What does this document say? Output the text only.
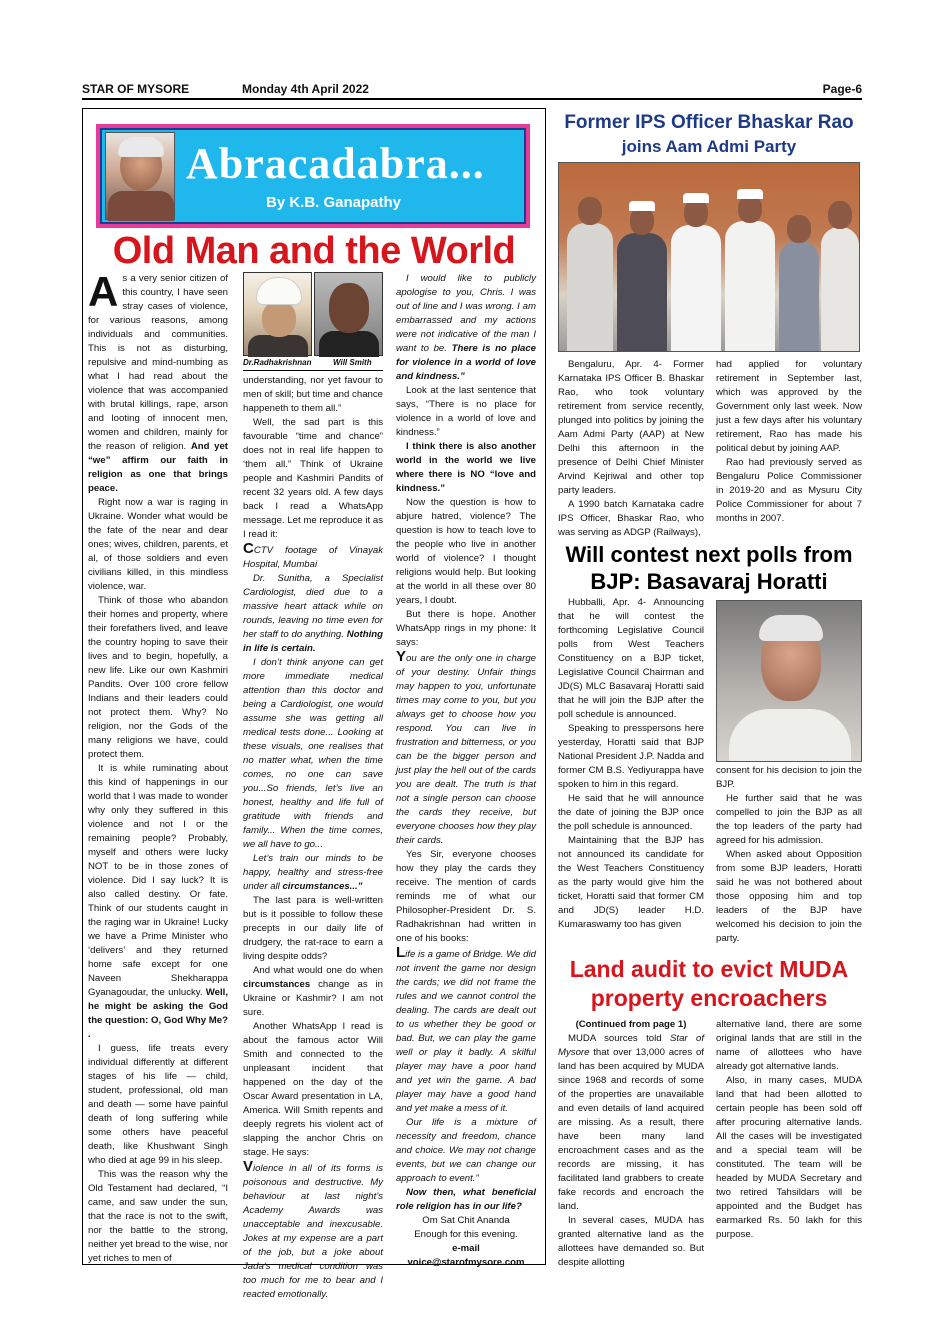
STAR OF MYSORE	Monday 4th April 2022	Page-6
Abracadabra...
By K.B. Ganapathy
Old Man and the World

As a very senior citizen of this country, I have seen stray cases of violence, for various reasons, among individuals and communities. This is not as disturbing, repulsive and mind-numbing as what I had read about the violence that was accompanied with brutal killings, rape, arson and looting of innocent men, women and children, mainly for the reason of religion. And yet “we” affirm our faith in religion as one that brings peace.

Right now a war is raging in Ukraine. Wonder what would be the fate of the near and dear ones; wives, children, parents, et al, of those soldiers and even civilians killed, in this mindless violence, war.

Think of those who abandon their homes and property, where their forefathers lived, and leave the country hoping to save their lives and to begin, hopefully, a new life. Like our own Kashmiri Pandits. Over 100 crore fellow Indians and their leaders could not protect them. Why? No religion, nor the Gods of the many religions we have, could protect them.

It is while ruminating about this kind of happenings in our world that I was made to wonder why only they suffered in this violence and not I or the remaining people? Probably, myself and others were lucky NOT to be in those zones of violence. Did I say luck? It is also called destiny. Or fate. Think of our students caught in the raging war in Ukraine! Lucky we have a Prime Minister who ‘delivers’ and they returned home safe except for one Naveen Shekharappa Gyanagoudar, the unlucky. Well, he might be asking the God the question: O, God Why Me? .

I guess, life treats every individual differently at different stages of his life — child, student, professional, old man and death — some have painful death of long suffering while some others have peaceful death, like Khushwant Singh who died at age 99 in his sleep.

This was the reason why the Old Testament had declared, “I came, and saw under the sun, that the race is not to the swift, nor the battle to the strong, neither yet bread to the wise, nor yet riches to men of

Dr.Radhakrishnan	Will Smith

understanding, nor yet favour to men of skill; but time and chance happeneth to them all.”

Well, the sad part is this favourable “time and chance” does not in real life happen to ‘them all.” Think of Ukraine people and Kashmiri Pandits of recent 32 years old. A few days back I read a WhatsApp message. Let me reproduce it as I read it:

CCTV footage of Vinayak Hospital, Mumbai

Dr. Sunitha, a Specialist Cardiologist, died due to a massive heart attack while on rounds, leaving no time even for her staff to do anything. Nothing in life is certain.

I don’t think anyone can get more immediate medical attention than this doctor and being a Cardiologist, one would assume she was getting all medical tests done... Looking at these visuals, one realises that no matter what, when the time comes, no one can save you...So friends, let’s live an honest, healthy and life full of gratitude with friends and family... When the time comes, we all have to go...

Let’s train our minds to be happy, healthy and stress-free under all circumstances...”

The last para is well-written but is it possible to follow these precepts in our daily life of drudgery, the rat-race to earn a living despite odds?

And what would one do when circumstances change as in Ukraine or Kashmir? I am not sure.

Another WhatsApp I read is about the famous actor Will Smith and connected to the unpleasant incident that happened on the day of the Oscar Award presentation in LA, America. Will Smith repents and deeply regrets his violent act of slapping the anchor Chris on stage. He says:

Violence in all of its forms is poisonous and destructive. My behaviour at last night’s Academy Awards was unacceptable and inexcusable. Jokes at my expense are a part of the job, but a joke about Jada’s medical condition was too much for me to bear and I reacted emotionally.

I would like to publicly apologise to you, Chris. I was out of line and I was wrong. I am embarrassed and my actions were not indicative of the man I want to be. There is no place for violence in a world of love and kindness.”

Look at the last sentence that says, “There is no place for violence in a world of love and kindness.”

I think there is also another world in the world we live where there is NO “love and kindness.”

Now the question is how to abjure hatred, violence? The question is how to teach love to the people who live in another world of violence? I thought religions would help. But looking at the world in all these over 80 years, I doubt.

But there is hope. Another WhatsApp rings in my phone: It says:

You are the only one in charge of your destiny. Unfair things may happen to you, unfortunate times may come to you, but you always get to choose how you respond. You can live in frustration and bitterness, or you can be the bigger person and just play the hell out of the cards you are dealt. The truth is that not a single person can choose the cards they receive, but everyone chooses how they play their cards.

Yes Sir, everyone chooses how they play the cards they receive. The mention of cards reminds me of what our Philosopher-President Dr. S. Radhakrishnan had written in one of his books:

Life is a game of Bridge. We did not invent the game nor design the cards; we did not frame the rules and we cannot control the dealing. The cards are dealt out to us whether they be good or bad. But, we can play the game well or play it badly. A skilful player may have a poor hand and yet win the game. A bad player may have a good hand and yet make a mess of it.

Our life is a mixture of necessity and freedom, chance and choice. We may not change events, but we can change our approach to event.”

Now then, what beneficial role religion has in our life?

Om Sat Chit Ananda

Enough for this evening.

e-mail

voice@starofmysore.com

Former IPS Officer Bhaskar Rao
joins Aam Admi Party

Bengaluru, Apr. 4- Former Karnataka IPS Officer B. Bhaskar Rao, who took voluntary retirement from service recently, plunged into politics by joining the Aam Admi Party (AAP) at New Delhi this afternoon in the presence of Delhi Chief Minister Arvind Kejriwal and other top party leaders.

A 1990 batch Karnataka cadre IPS Officer, Bhaskar Rao, who was serving as ADGP (Railways),

had applied for voluntary retirement in September last, which was approved by the Government only last week. Now just a few days after his voluntary retirement, Rao has made his political debut by joining AAP.

Rao had previously served as Bengaluru Police Commissioner in 2019-20 and as Mysuru City Police Commissioner for about 7 months in 2007.

Will contest next polls from
BJP: Basavaraj Horatti

Hubballi, Apr. 4- Announcing that he will contest the forthcoming Legislative Council polls from West Teachers Constituency on a BJP ticket, Legislative Council Chairman and JD(S) MLC Basavaraj Horatti said that he will join the BJP after the poll schedule is announced.

Speaking to presspersons here yesterday, Horatti said that BJP National President J.P. Nadda and former CM B.S. Yediyurappa have spoken to him in this regard.

He said that he will announce the date of joining the BJP once the poll schedule is announced.

Maintaining that the BJP has not announced its candidate for the West Teachers Constituency as the party would give him the ticket, Horatti said that former CM and JD(S) leader H.D. Kumaraswamy too has given

consent for his decision to join the BJP.

He further said that he was compelled to join the BJP as all the top leaders of the party had agreed for his admission.

When asked about Opposition from some BJP leaders, Horatti said he was not bothered about those opposing him and top leaders of the BJP have welcomed his decision to join the party.

Land audit to evict MUDA
property encroachers

(Continued from page 1)

MUDA sources told Star of Mysore that over 13,000 acres of land has been acquired by MUDA since 1968 and records of some of the properties are unavailable and even details of land acquired are missing. As a result, there have been many land encroachment cases and as the records are missing, it has facilitated land grabbers to create fake records and encroach the land.

In several cases, MUDA has granted alternative land as the allottees have demanded so. But despite allotting

alternative land, there are some original lands that are still in the name of allottees who have already got alternative lands.

Also, in many cases, MUDA land that had been allotted to certain people has been sold off after procuring alternative lands. All the cases will be investigated and a special team will be constituted. The team will be headed by MUDA Secretary and two retired Tahsildars will be appointed and the Budget has earmarked Rs. 50 lakh for this purpose.
